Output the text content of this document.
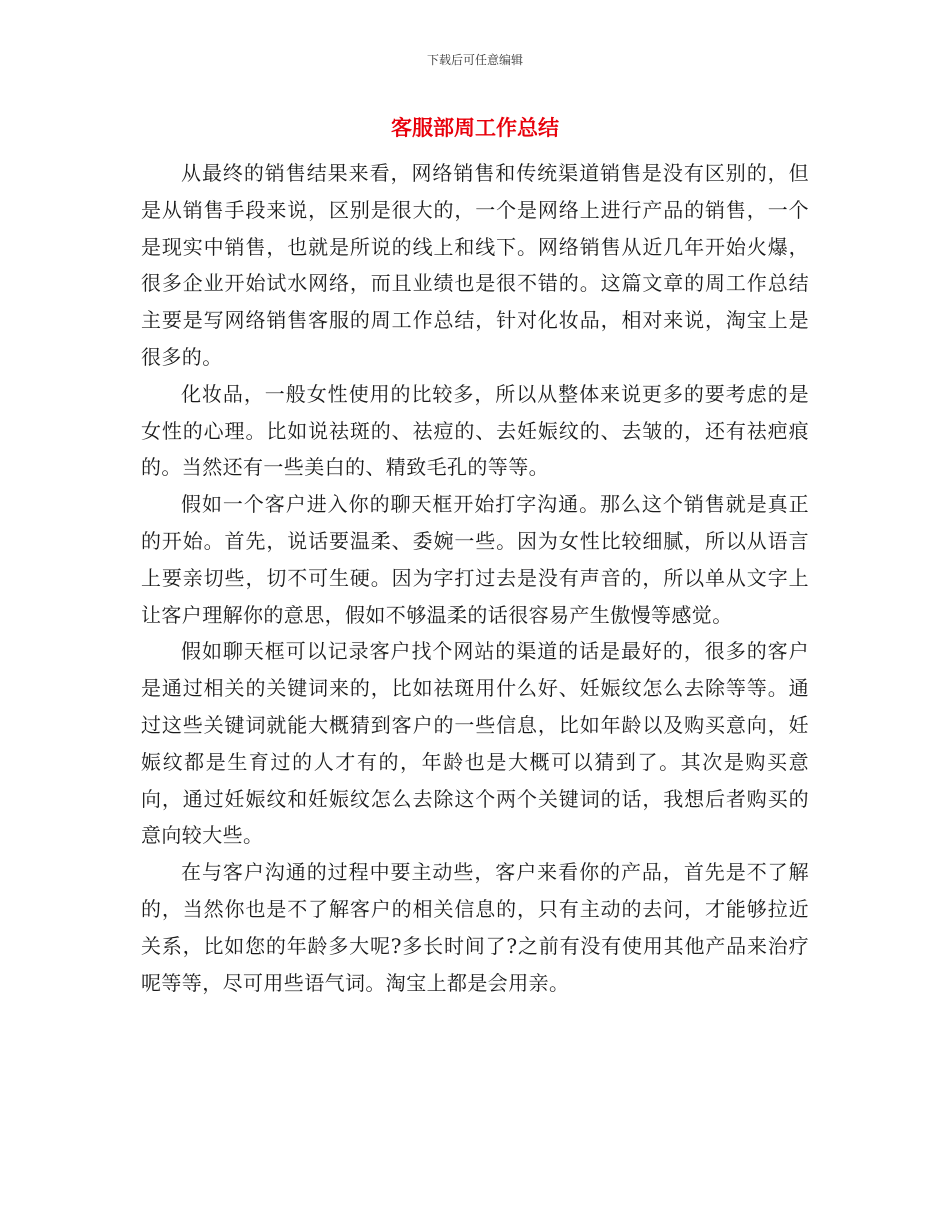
下载后可任意编辑
客服部周工作总结

从最终的销售结果来看，网络销售和传统渠道销售是没有区别的，但是从销售手段来说，区别是很大的，一个是网络上进行产品的销售，一个是现实中销售，也就是所说的线上和线下。网络销售从近几年开始火爆，很多企业开始试水网络，而且业绩也是很不错的。这篇文章的周工作总结主要是写网络销售客服的周工作总结，针对化妆品，相对来说，淘宝上是很多的。

化妆品，一般女性使用的比较多，所以从整体来说更多的要考虑的是女性的心理。比如说祛斑的、祛痘的、去妊娠纹的、去皱的，还有祛疤痕的。当然还有一些美白的、精致毛孔的等等。

假如一个客户进入你的聊天框开始打字沟通。那么这个销售就是真正的开始。首先，说话要温柔、委婉一些。因为女性比较细腻，所以从语言上要亲切些，切不可生硬。因为字打过去是没有声音的，所以单从文字上让客户理解你的意思，假如不够温柔的话很容易产生傲慢等感觉。

假如聊天框可以记录客户找个网站的渠道的话是最好的，很多的客户是通过相关的关键词来的，比如祛斑用什么好、妊娠纹怎么去除等等。通过这些关键词就能大概猜到客户的一些信息，比如年龄以及购买意向，妊娠纹都是生育过的人才有的，年龄也是大概可以猜到了。其次是购买意向，通过妊娠纹和妊娠纹怎么去除这个两个关键词的话，我想后者购买的意向较大些。

在与客户沟通的过程中要主动些，客户来看你的产品，首先是不了解的，当然你也是不了解客户的相关信息的，只有主动的去问，才能够拉近关系，比如您的年龄多大呢?多长时间了?之前有没有使用其他产品来治疗呢等等，尽可用些语气词。淘宝上都是会用亲。
